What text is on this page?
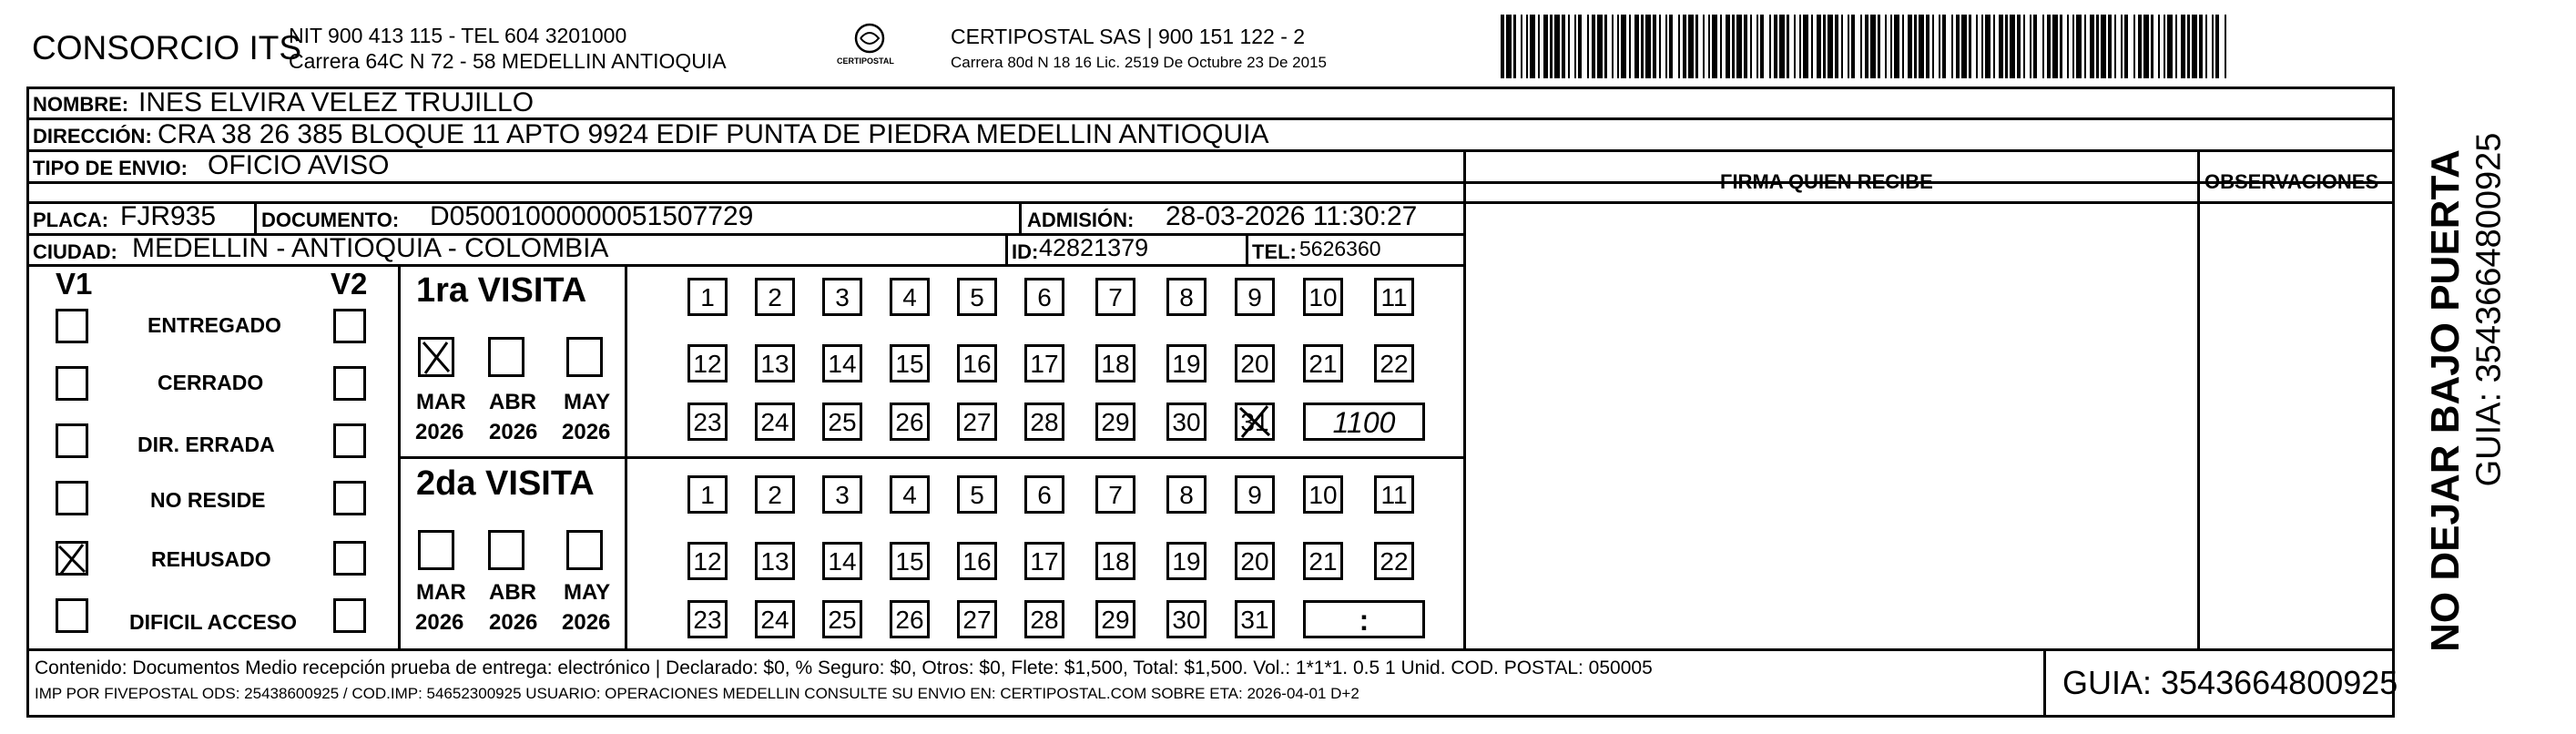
CONSORCIO ITS
NIT 900 413 115 - TEL 604 3201000
Carrera 64C N 72 - 58 MEDELLIN ANTIOQUIA	CERTIPOSTAL
CERTIPOSTAL SAS | 900 151 122 - 2
Carrera 80d N 18 16 Lic. 2519 De Octubre 23 De 2015
NOMBRE: INES ELVIRA VELEZ TRUJILLO
DIRECCIÓN: CRA 38 26 385 BLOQUE 11 APTO 9924 EDIF PUNTA DE PIEDRA MEDELLIN ANTIOQUIA
TIPO DE ENVIO: OFICIO AVISO
FIRMA QUIEN RECIBE	OBSERVACIONES
PLACA: FJR935 DOCUMENTO: D05001000000051507729	ADMISIÓN: 28-03-2026 11:30:27
CIUDAD: MEDELLIN - ANTIOQUIA - COLOMBIA	ID: 42821379	TEL: 5626360
V1	V2
ENTREGADO
CERRADO
DIR. ERRADA
NO RESIDE
REHUSADO
DIFICIL ACCESO
1ra VISITA
MAR ABR MAY
2026 2026 2026
1	2	3	4	5	6	7	8	9	10 11
12 13 14 15 16 17 18 19 20 21 22
23 24 25 26 27 28 29 30 31	1100
2da VISITA
MAR ABR MAY
2026 2026 2026
1	2	3	4	5	6	7	8	9	10 11
12 13 14 15 16 17 18 19 20 21 22
23 24 25 26 27 28 29 30 31	:
Contenido: Documentos Medio recepción prueba de entrega: electrónico | Declarado: $0, % Seguro: $0, Otros: $0, Flete: $1,500, Total: $1,500. Vol.: 1*1*1. 0.5 1 Unid. COD. POSTAL: 050005
IMP POR FIVEPOSTAL ODS: 25438600925 / COD.IMP: 54652300925 USUARIO: OPERACIONES MEDELLIN CONSULTE SU ENVIO EN: CERTIPOSTAL.COM SOBRE ETA: 2026-04-01 D+2	GUIA: 3543664800925
NO DEJAR BAJO PUERTA GUIA: 3543664800925
